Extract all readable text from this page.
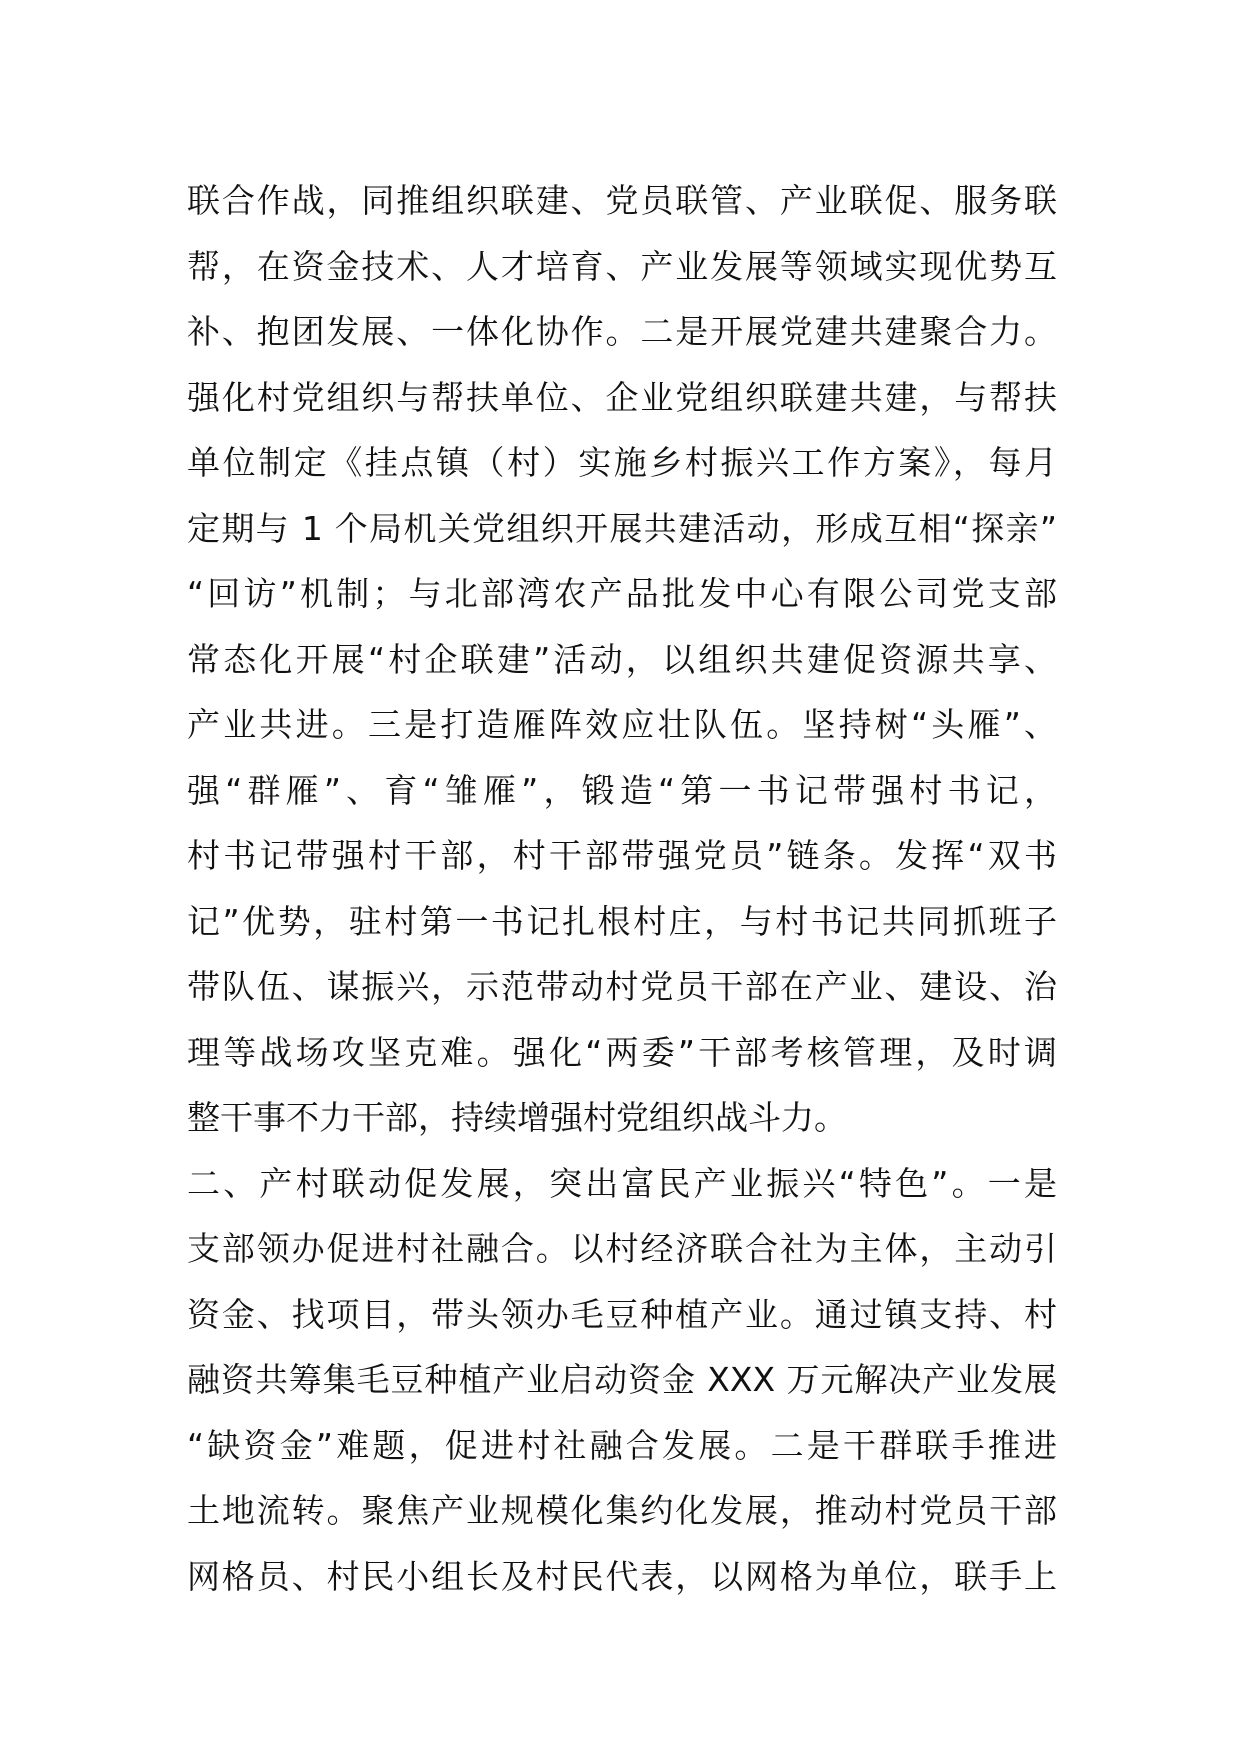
联合作战，同推组织联建、党员联管、产业联促、服务联
帮，在资金技术、人才培育、产业发展等领域实现优势互
补、抱团发展、一体化协作。二是开展党建共建聚合力。
强化村党组织与帮扶单位、企业党组织联建共建，与帮扶
单位制定《挂点镇（村）实施乡村振兴工作方案》，每月
定期与 1 个局机关党组织开展共建活动，形成互相“探亲”
“回访”机制；与北部湾农产品批发中心有限公司党支部
常态化开展“村企联建”活动，以组织共建促资源共享、
产业共进。三是打造雁阵效应壮队伍。坚持树“头雁”、
强“群雁”、育“雏雁”，锻造“第一书记带强村书记，
村书记带强村干部，村干部带强党员”链条。发挥“双书
记”优势，驻村第一书记扎根村庄，与村书记共同抓班子
带队伍、谋振兴，示范带动村党员干部在产业、建设、治
理等战场攻坚克难。强化“两委”干部考核管理，及时调
整干事不力干部，持续增强村党组织战斗力。
二、产村联动促发展，突出富民产业振兴“特色”。一是
支部领办促进村社融合。以村经济联合社为主体，主动引
资金、找项目，带头领办毛豆种植产业。通过镇支持、村
融资共筹集毛豆种植产业启动资金 XXX 万元解决产业发展
“缺资金”难题，促进村社融合发展。二是干群联手推进
土地流转。聚焦产业规模化集约化发展，推动村党员干部
网格员、村民小组长及村民代表，以网格为单位，联手上
